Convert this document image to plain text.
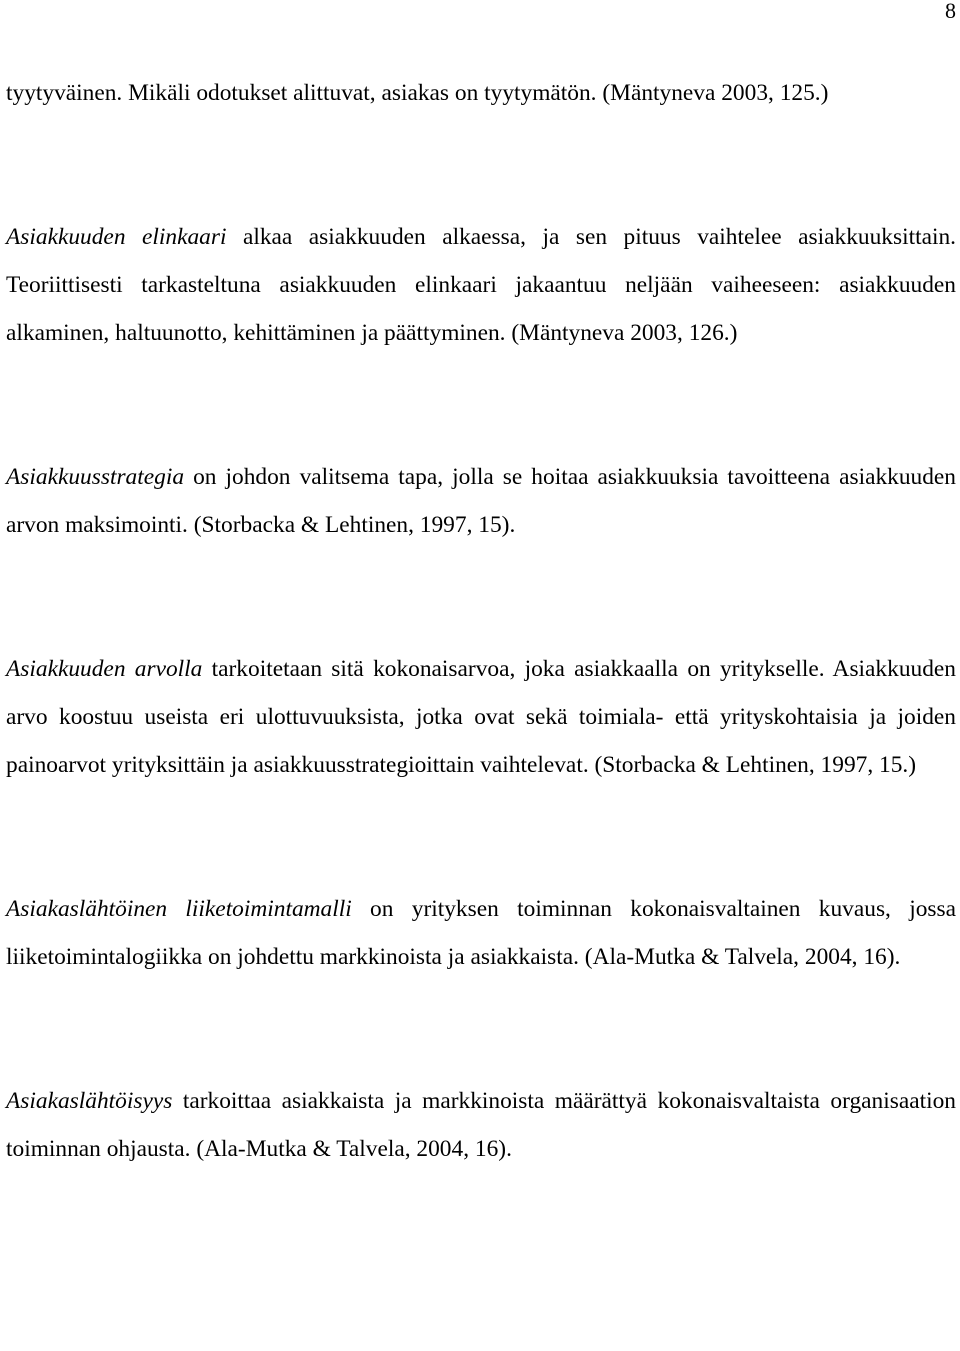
8

tyytyväinen. Mikäli odotukset alittuvat, asiakas on tyytymätön. (Mäntyneva 2003, 125.)

Asiakkuuden elinkaari alkaa asiakkuuden alkaessa, ja sen pituus vaihtelee asiakkuuksittain. Teoriittisesti tarkasteltuna asiakkuuden elinkaari jakaantuu neljään vaiheeseen: asiakkuuden alkaminen, haltuunotto, kehittäminen ja päättyminen. (Mäntyneva 2003, 126.)

Asiakkuusstrategia on johdon valitsema tapa, jolla se hoitaa asiakkuuksia tavoitteena asiakkuuden arvon maksimointi. (Storbacka & Lehtinen, 1997, 15).

Asiakkuuden arvolla tarkoitetaan sitä kokonaisarvoa, joka asiakkaalla on yritykselle. Asiakkuuden arvo koostuu useista eri ulottuvuuksista, jotka ovat sekä toimiala- että yrityskohtaisia ja joiden painoarvot yrityksittäin ja asiakkuusstrategioittain vaihtelevat. (Storbacka & Lehtinen, 1997, 15.)

Asiakaslähtöinen liiketoimintamalli on yrityksen toiminnan kokonaisvaltainen kuvaus, jossa liiketoimintalogiikka on johdettu markkinoista ja asiakkaista. (Ala-Mutka & Talvela, 2004, 16).

Asiakaslähtöisyys tarkoittaa asiakkaista ja markkinoista määrättyä kokonaisvaltaista organisaation toiminnan ohjausta. (Ala-Mutka & Talvela, 2004, 16).
